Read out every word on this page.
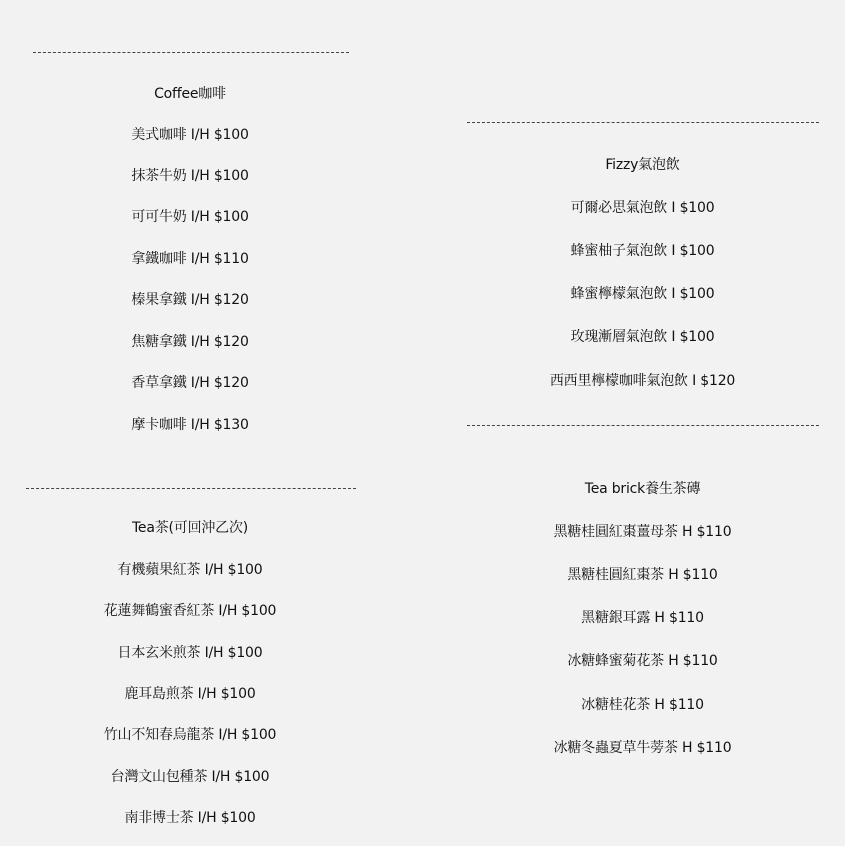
Coffee咖啡
美式咖啡 I/H $100
抹茶牛奶 I/H $100
可可牛奶 I/H $100
拿鐵咖啡 I/H $110
榛果拿鐵 I/H $120
焦糖拿鐵 I/H $120
香草拿鐵 I/H $120
摩卡咖啡 I/H $130
Tea茶(可回沖乙次)
有機蘋果紅茶 I/H $100
花蓮舞鶴蜜香紅茶 I/H $100
日本玄米煎茶 I/H $100
鹿耳島煎茶 I/H $100
竹山不知春烏龍茶 I/H $100
台灣文山包種茶 I/H $100
南非博士茶 I/H $100
Fizzy氣泡飲
可爾必思氣泡飲 I $100
蜂蜜柚子氣泡飲 I $100
蜂蜜檸檬氣泡飲 I $100
玫瑰漸層氣泡飲 I $100
西西里檸檬咖啡氣泡飲 I $120
Tea brick養生茶磚
黑糖桂圓紅棗薑母茶 H $110
黑糖桂圓紅棗茶 H $110
黑糖銀耳露 H $110
冰糖蜂蜜菊花茶 H $110
冰糖桂花茶 H $110
冰糖冬蟲夏草牛蒡茶 H $110
